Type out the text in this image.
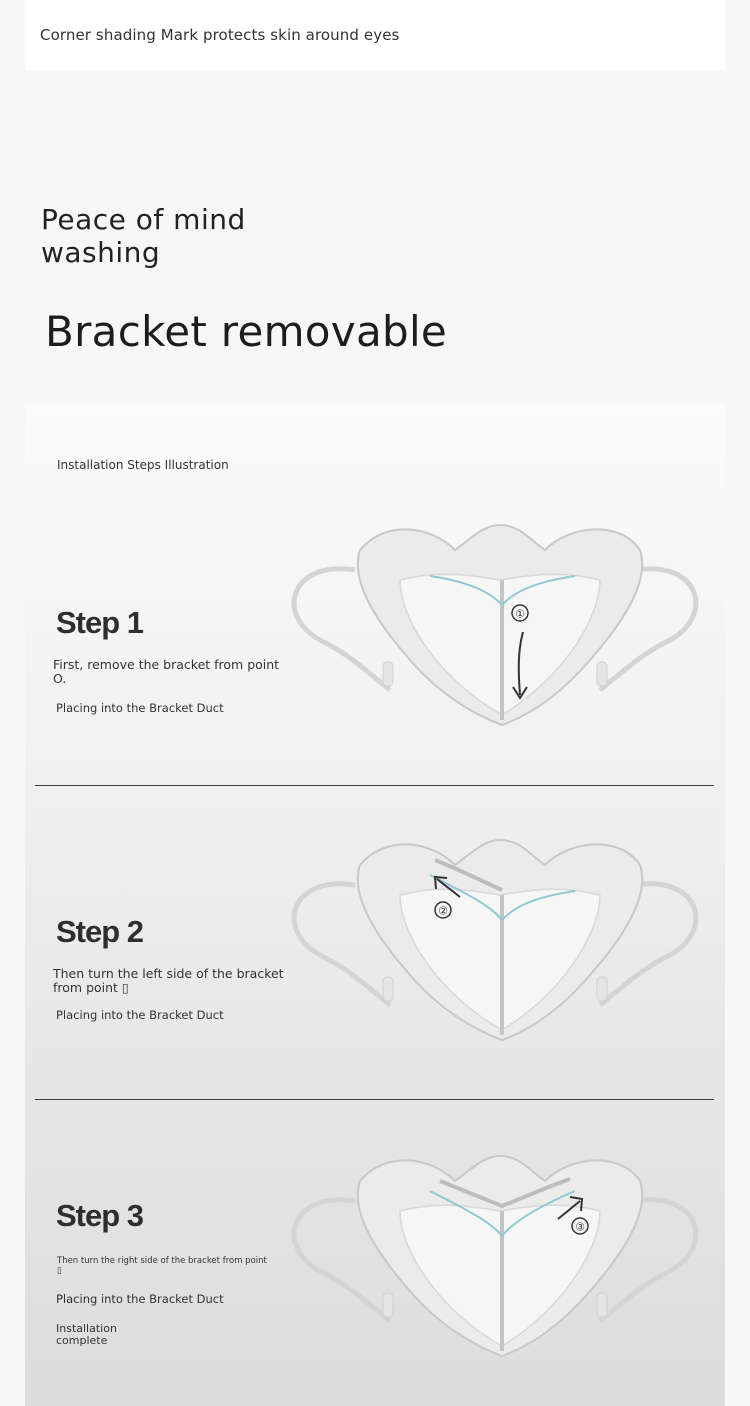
Corner shading Mark protects skin around eyes
Peace of mind washing
Bracket removable
Installation Steps Illustration
Step 1
First, remove the bracket from point O.
Placing into the Bracket Duct
①
Step 2
Then turn the left side of the bracket from point ▯
Placing into the Bracket Duct
②
Step 3
Then turn the right side of the bracket from point ▯
Placing into the Bracket Duct
Installation complete
③
